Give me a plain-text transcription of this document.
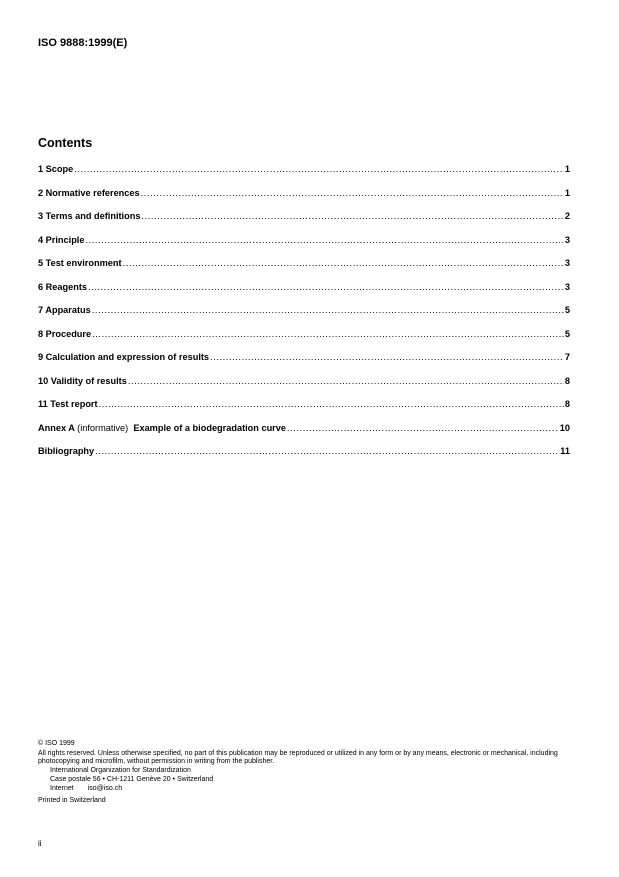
ISO 9888:1999(E)
Contents
1 Scope .....	1
2 Normative references .....	1
3 Terms and definitions .....	2
4 Principle .....	3
5 Test environment .....	3
6 Reagents .....	3
7 Apparatus .....	5
8 Procedure .....	5
9 Calculation and expression of results .....	7
10 Validity of results .....	8
11 Test report .....	8
Annex A (informative) Example of a biodegradation curve .....	10
Bibliography .....	11

© ISO 1999

All rights reserved. Unless otherwise specified, no part of this publication may be reproduced or utilized in any form or by any means, electronic or mechanical, including photocopying and microfilm, without permission in writing from the publisher.

International Organization for Standardization

Case postale 56 • CH-1211 Genève 20 • Switzerland

Internet iso@iso.ch

Printed in Switzerland

ii
